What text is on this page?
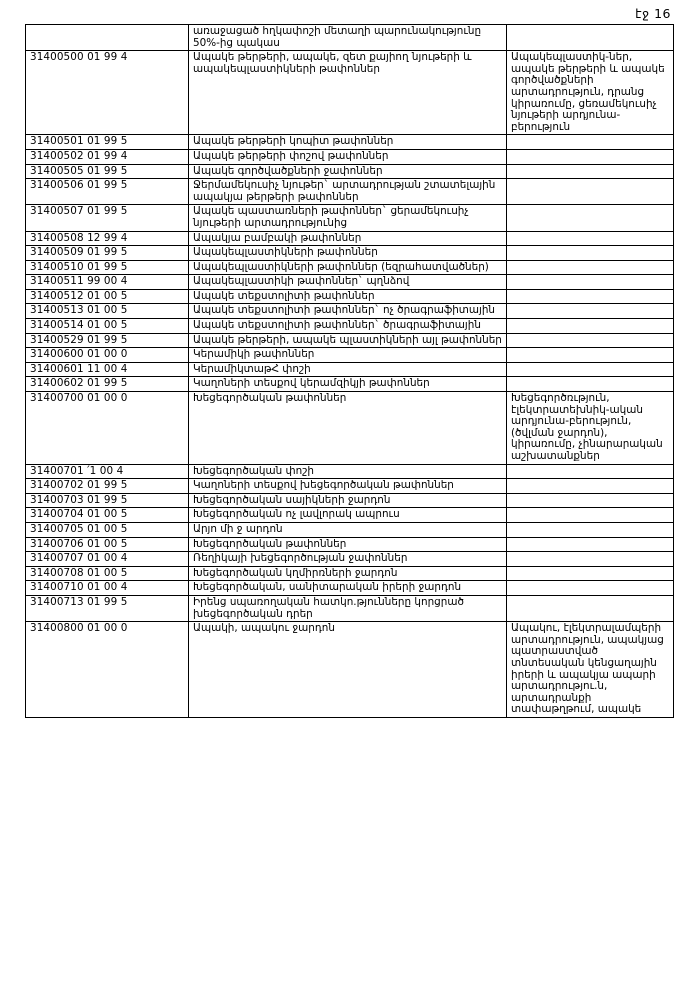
էջ 16
	առաջացած հղկափոշի մետաղի պարունակությունը 50%-ից պակաս	
31400500 01 99 4	Ապակե թերթերի, ապակե, զետ քայիող նյութերի և ապակեպլաստիկների թափոններ	Ապակեպլաստիկ-ներ, ապակե թերթերի և ապակե գործվածքների արտադրություն, դրանց կիրառումը, ցեռամեկուսիչ նյութերի արդյունա-բերություն
31400501 01 99 5	Ապակե թերթերի կոպիտ թափոններ	
31400502 01 99 4	Ապակե թերթերի փոշով թափոններ	
31400505 01 99 5	Ապակե գործվածքների ջափոններ	
31400506 01 99 5	Ջերմամեկուսիչ նյութեր` արտադրության շտատելային ապակյա թերթերի թափոններ	
31400507 01 99 5	Ապակե պաստառների թափոններ` ցերամեկուսիչ նյութերի արտադրությունից	
31400508 12 99 4	Ապակյա բամբակի թափոններ	
31400509 01 99 5	Ապակեպլաստիկների թափոններ	
31400510 01 99 5	Ապակեպլաստիկների թափոններ (եզրահատվածներ)	
31400511 99 00 4	Ապակեպլաստիկի թափոններ` պղնձով	
31400512 01 00 5	Ապակե տեքստոլիտի թափոններ	
31400513 01 00 5	Ապակե տեքստոլիտի թափոններ` ոչ ծրագրաֆիտային	
31400514 01 00 5	Ապակե տեքստոլիտի թափոններ` ծրագրաֆիտային	
31400529 01 99 5	Ապակե թերթերի, ապակե պլաստիկների այլ թափոններ	
31400600 01 00 0	Կերամիկի թափոններ	
31400601 11 00 4	ԿերամիկտաթՀ փոշի	
31400602 01 99 5	Կաղոների տեսքով կերամզիկյի թափոններ	
31400700 01 00 0	Խեցեգործական թափոններ	Խեցեգործռւթյուն, էլեկտրատեխնիկ-ական արդյունա-բերություն, (ծվլման ջարդոն), կիրառումը, չինարարական աշխատանքներ
31400701 ՛1 00 4	Խեցեգործական փոշի	
31400702 01 99 5	Կաղոների տեսքով խեցեգործական թափոններ	
31400703 01 99 5	Խեցեգործական սայիկների ջարդոն	
31400704 01 00 5	Խեցեգործական ոչ լավլորակ ապրուս	
31400705 01 00 5	Արյո մի ջ արդոն	
31400706 01 00 5	Խեցեգործական թափոններ	
31400707 01 00 4	Ռեղիկայի խեցեգործության ջափոններ	
31400708 01 00 5	Խեցեգործական կղմիրռների ջարդոն	
31400710 01 00 4	Խեցեգործական, սանիտարական իրերի ջարդոն	
31400713 01 99 5	Իրենց սպառողական հատկո.թյունները կորցրած խեցեգործական դրեր	
31400800 01 00 0	Ապակի, ապակու ջարդոն	Ապակու, էլեկտրալամպերի արտադրություն, ապակյաց պատրաստված տնտեսական կենցաղային իրերի և ապակյա ապարի արտադրությու.ն, արտադրանքի տափաթղթում, ապակե
